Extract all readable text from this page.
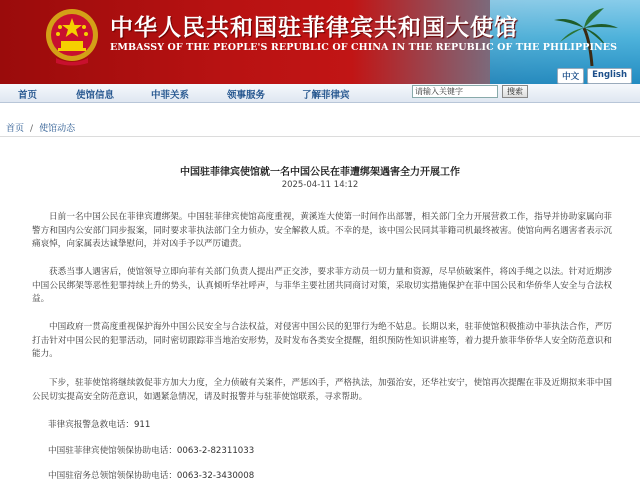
中华人民共和国驻菲律宾共和国大使馆
EMBASSY OF THE PEOPLE'S REPUBLIC OF CHINA IN THE REPUBLIC OF THE PHILIPPINES
中文	English
首页	使馆信息	中菲关系	领事服务	了解菲律宾	请输入关键字	搜索
首页 / 使馆动态
中国驻菲律宾使馆就一名中国公民在菲遭绑架遇害全力开展工作
2025-04-11 14:12

日前一名中国公民在菲律宾遭绑架。中国驻菲律宾使馆高度重视，黄溪连大使第一时间作出部署，相关部门全力开展营救工作，指导并协助家属向菲警方和国内公安部门同步报案，同时要求菲执法部门全力侦办，安全解救人质。不幸的是，该中国公民同其菲籍司机最终被害。使馆向两名遇害者表示沉痛哀悼，向家属表达诚挚慰问，并对凶手予以严厉谴责。

获悉当事人遇害后，使馆领导立即向菲有关部门负责人提出严正交涉，要求菲方动员一切力量和资源，尽早侦破案件，将凶手绳之以法。针对近期涉中国公民绑架等恶性犯罪持续上升的势头，认真倾听华社呼声，与菲华主要社团共同商讨对策，采取切实措施保护在菲中国公民和华侨华人安全与合法权益。

中国政府一贯高度重视保护海外中国公民安全与合法权益，对侵害中国公民的犯罪行为绝不姑息。长期以来，驻菲使馆积极推动中菲执法合作，严厉打击针对中国公民的犯罪活动，同时密切跟踪菲当地治安形势，及时发布各类安全提醒，组织预防性知识讲座等，着力提升旅菲华侨华人安全防范意识和能力。

下步，驻菲使馆将继续敦促菲方加大力度，全力侦破有关案件，严惩凶手，严格执法，加强治安，还华社安宁，使馆再次提醒在菲及近期拟来菲中国公民切实提高安全防范意识，如遇紧急情况，请及时报警并与驻菲使馆联系，寻求帮助。

菲律宾报警急救电话：911
中国驻菲律宾使馆领保协助电话：0063-2-82311033
中国驻宿务总领馆领保协助电话：0063-32-3430008
